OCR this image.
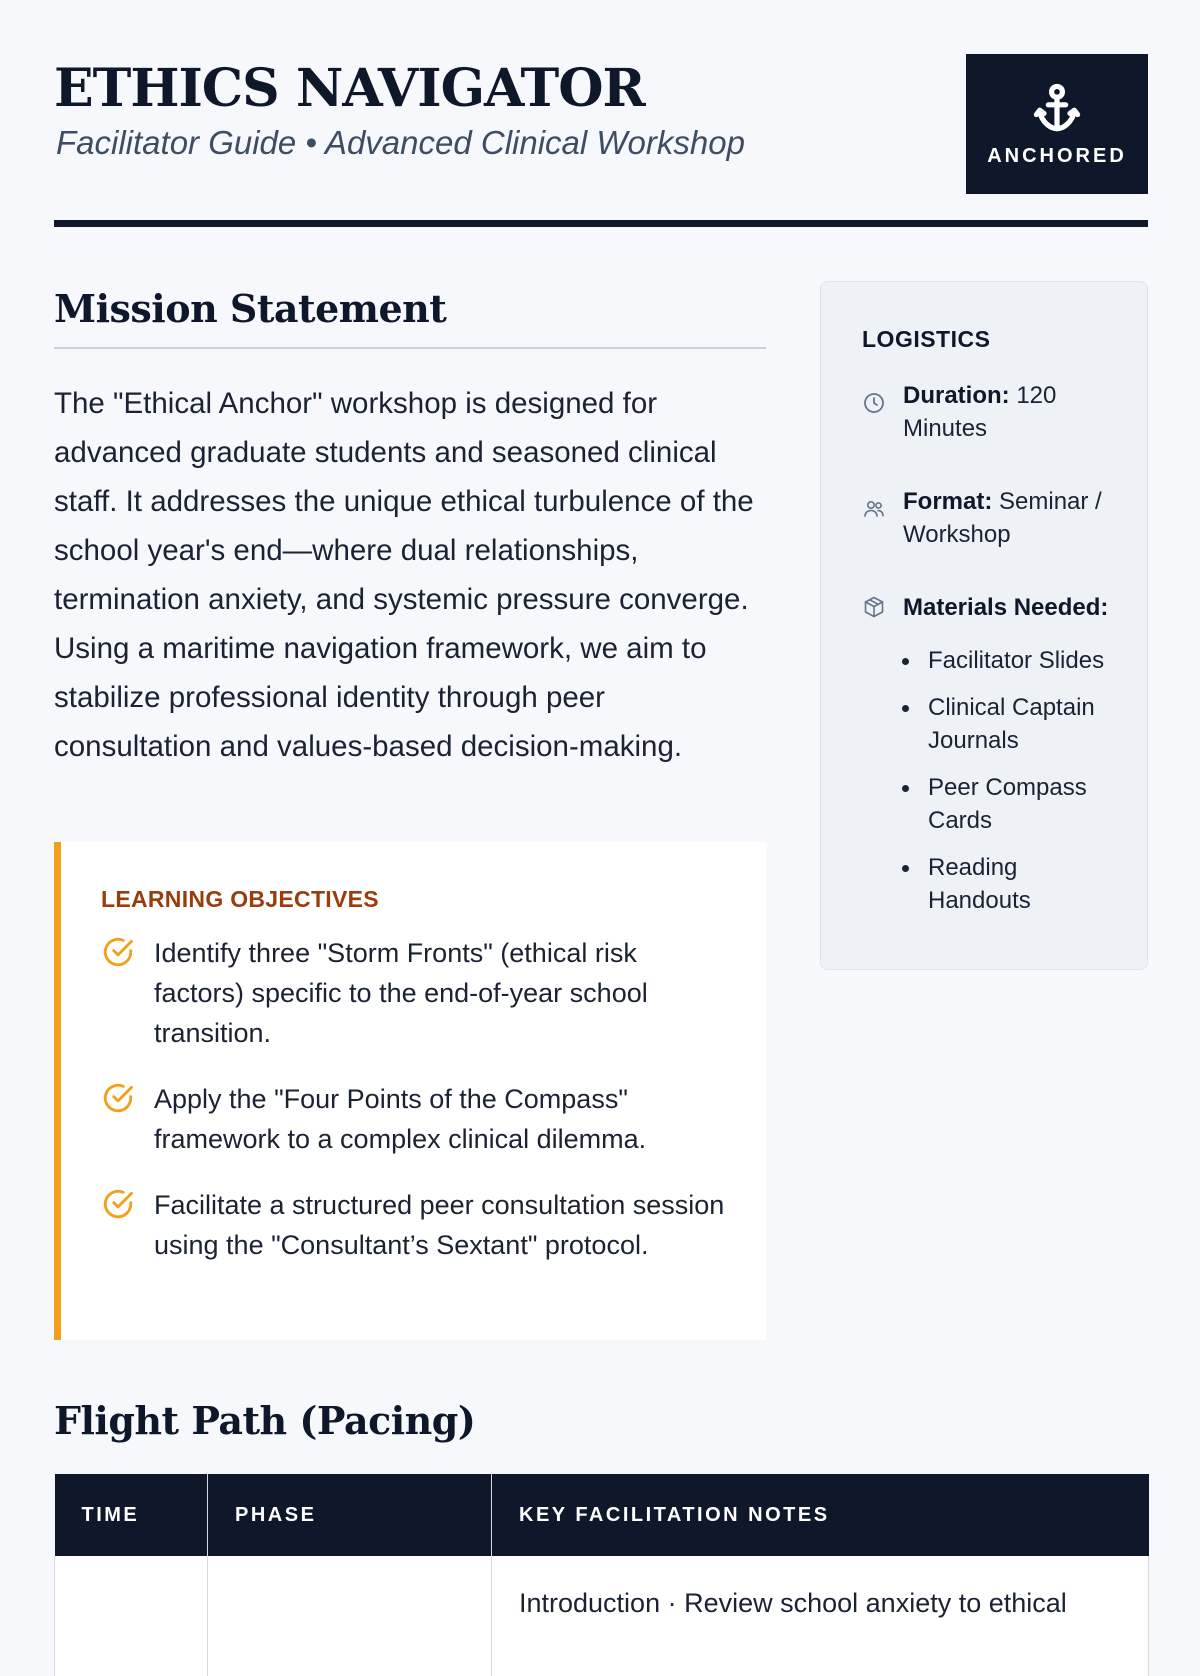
ETHICS NAVIGATOR
Facilitator Guide • Advanced Clinical Workshop	ANCHORED
Mission Statement

The "Ethical Anchor" workshop is designed for advanced graduate students and seasoned clinical staff. It addresses the unique ethical turbulence of the school year's end—where dual relationships, termination anxiety, and systemic pressure converge. Using a maritime navigation framework, we aim to stabilize professional identity through peer consultation and values-based decision-making.

LEARNING OBJECTIVES
Identify three "Storm Fronts" (ethical risk factors) specific to the end-of-year school transition.
Apply the "Four Points of the Compass" framework to a complex clinical dilemma.
Facilitate a structured peer consultation session using the "Consultant’s Sextant" protocol.
LOGISTICS
Duration: 120 Minutes
Format: Seminar / Workshop
Materials Needed:
Facilitator Slides
Clinical Captain Journals
Peer Compass Cards
Reading Handouts
Flight Path (Pacing)
TIME	PHASE	KEY FACILITATION NOTES
		Introduction · Review school anxiety to ethical
